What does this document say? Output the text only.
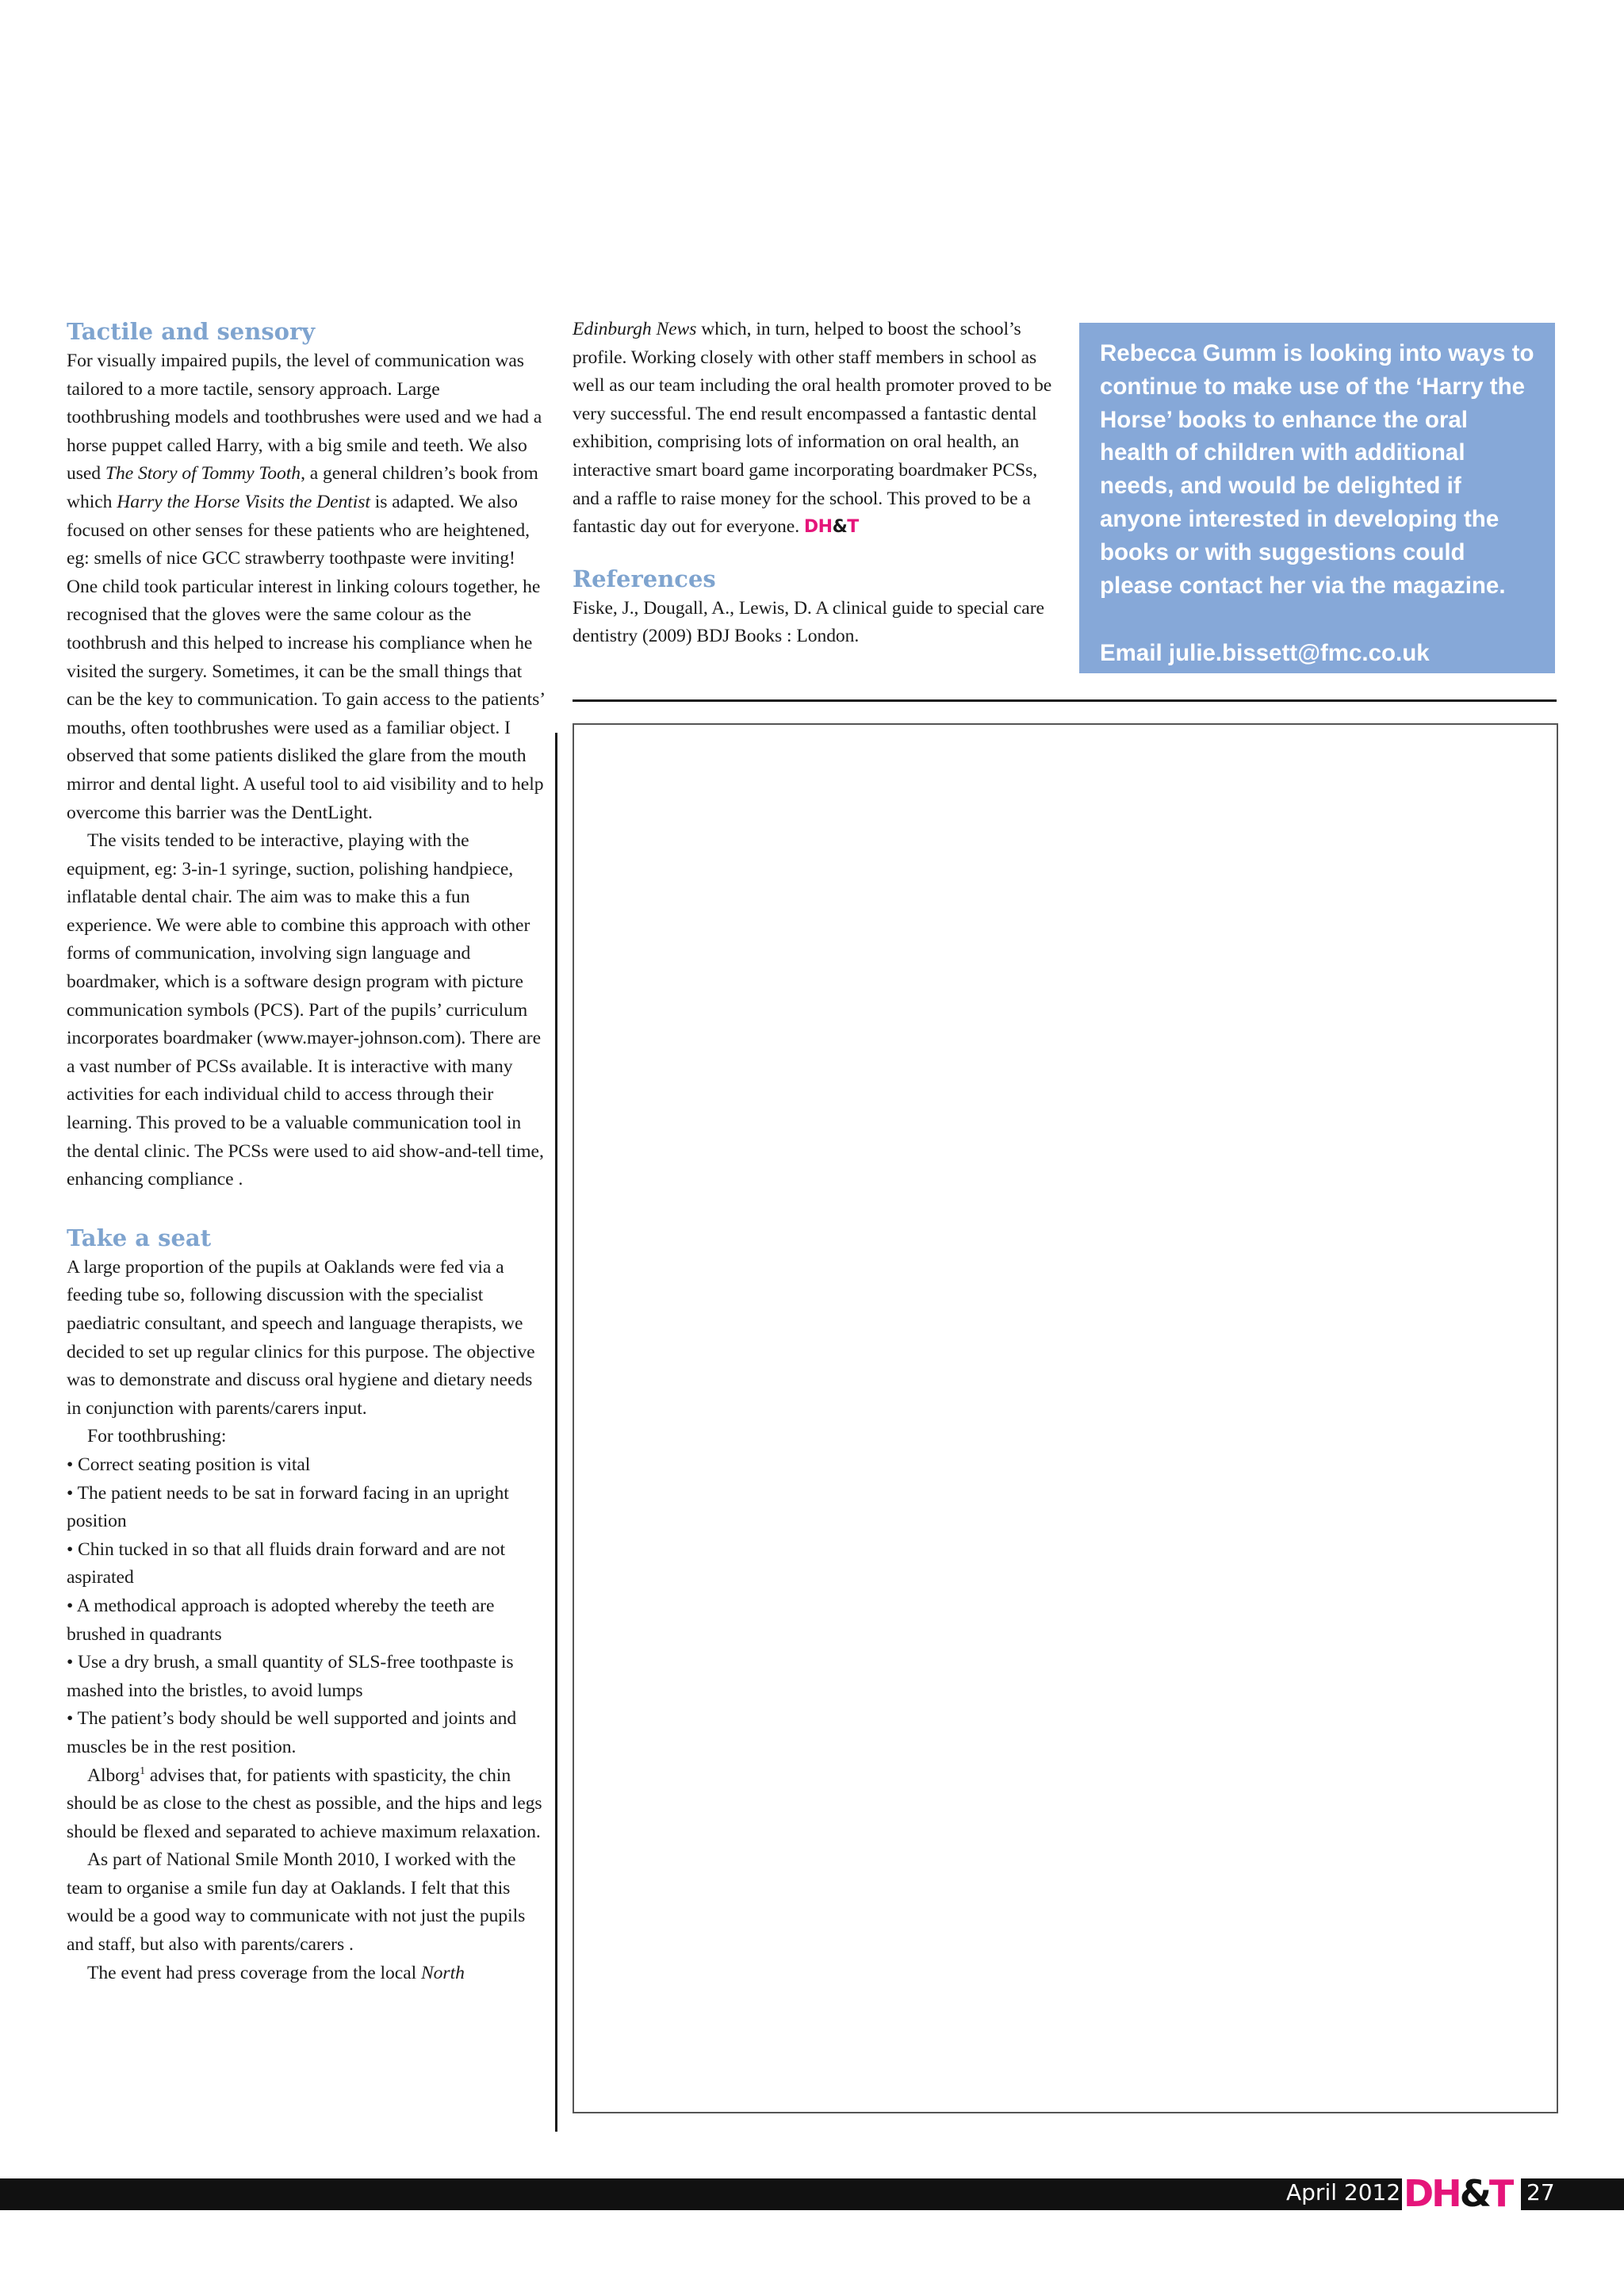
Tactile and sensory

For visually impaired pupils, the level of communication was tailored to a more tactile, sensory approach. Large toothbrushing models and toothbrushes were used and we had a horse puppet called Harry, with a big smile and teeth. We also used The Story of Tommy Tooth, a general children’s book from which Harry the Horse Visits the Dentist is adapted. We also focused on other senses for these patients who are heightened, eg: smells of nice GCC strawberry toothpaste were inviting! One child took particular interest in linking colours together, he recognised that the gloves were the same colour as the toothbrush and this helped to increase his compliance when he visited the surgery. Sometimes, it can be the small things that can be the key to communication. To gain access to the patients’ mouths, often toothbrushes were used as a familiar object. I observed that some patients disliked the glare from the mouth mirror and dental light. A useful tool to aid visibility and to help overcome this barrier was the DentLight.

The visits tended to be interactive, playing with the equipment, eg: 3-in-1 syringe, suction, polishing handpiece, inflatable dental chair. The aim was to make this a fun experience. We were able to combine this approach with other forms of communication, involving sign language and boardmaker, which is a software design program with picture communication symbols (PCS). Part of the pupils’ curriculum incorporates boardmaker (www.mayer-johnson.com). There are a vast number of PCSs available. It is interactive with many activities for each individual child to access through their learning. This proved to be a valuable communication tool in the dental clinic. The PCSs were used to aid show-and-tell time, enhancing compliance .

Take a seat

A large proportion of the pupils at Oaklands were fed via a feeding tube so, following discussion with the specialist paediatric consultant, and speech and language therapists, we decided to set up regular clinics for this purpose. The objective was to demonstrate and discuss oral hygiene and dietary needs in conjunction with parents/carers input.

For toothbrushing:

• Correct seating position is vital

• The patient needs to be sat in forward facing in an upright position

• Chin tucked in so that all fluids drain forward and are not aspirated

• A methodical approach is adopted whereby the teeth are brushed in quadrants

• Use a dry brush, a small quantity of SLS-free toothpaste is mashed into the bristles, to avoid lumps

• The patient’s body should be well supported and joints and muscles be in the rest position.

Alborg$^1$ advises that, for patients with spasticity, the chin should be as close to the chest as possible, and the hips and legs should be flexed and separated to achieve maximum relaxation.

As part of National Smile Month 2010, I worked with the team to organise a smile fun day at Oaklands. I felt that this would be a good way to communicate with not just the pupils and staff, but also with parents/carers .

The event had press coverage from the local North

Edinburgh News which, in turn, helped to boost the school’s profile. Working closely with other staff members in school as well as our team including the oral health promoter proved to be very successful. The end result encompassed a fantastic dental exhibition, comprising lots of information on oral health, an interactive smart board game incorporating boardmaker PCSs, and a raffle to raise money for the school. This proved to be a fantastic day out for everyone. DH&T

References

Fiske, J., Dougall, A., Lewis, D. A clinical guide to special care dentistry (2009) BDJ Books : London.

Rebecca Gumm is looking into ways to continue to make use of the ‘Harry the Horse’ books to enhance the oral health of children with additional needs, and would be delighted if anyone interested in developing the books or with suggestions could please contact her via the magazine.

Email julie.bissett@fmc.co.uk

April 2012 DH&T 27
